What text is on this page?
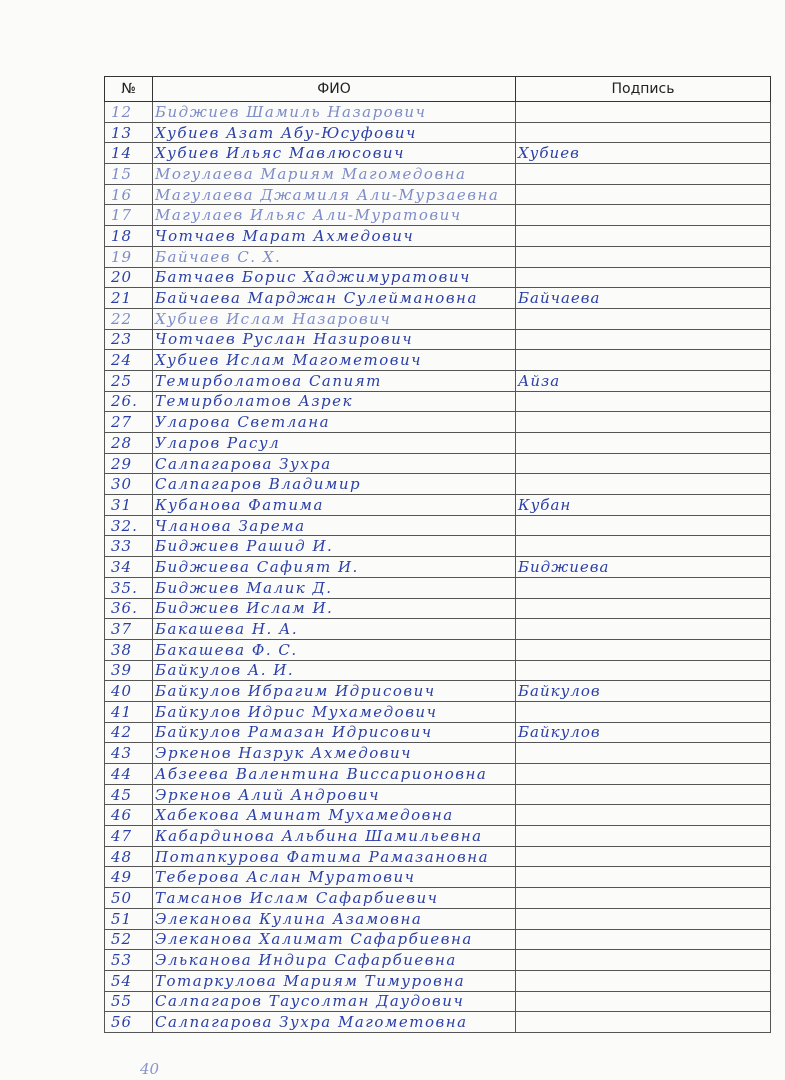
№	ФИО	Подпись
12	Биджиев Шамиль Назарович	
13	Хубиев Азат Абу-Юсуфович	
14	Хубиев Ильяс Мавлюсович	Хубиев
15	Могулаева Мариям Магомедовна	
16	Магулаева Джамиля Али-Мурзаевна	
17	Магулаев Ильяс Али-Муратович	
18	Чотчаев Марат Ахмедович	
19	Байчаев С. Х.	
20	Батчаев Борис Хаджимуратович	
21	Байчаева Марджан Сулеймановна	Байчаева
22	Хубиев Ислам Назарович	
23	Чотчаев Руслан Назирович	
24	Хубиев Ислам Магометович	
25	Темирболатова Сапият	Айза
26.	Темирболатов Азрек	
27	Уларова Светлана	
28	Уларов Расул	
29	Салпагарова Зухра	
30	Салпагаров Владимир	
31	Кубанова Фатима	Кубан
32.	Чланова Зарема	
33	Биджиев Рашид И.	
34	Биджиева Сафият И.	Биджиева
35.	Биджиев Малик Д.	
36.	Биджиев Ислам И.	
37	Бакашева Н. А.	
38	Бакашева Ф. С.	
39	Байкулов А. И.	
40	Байкулов Ибрагим Идрисович	Байкулов
41	Байкулов Идрис Мухамедович	
42	Байкулов Рамазан Идрисович	Байкулов
43	Эркенов Назрук Ахмедович	
44	Абзеева Валентина Виссарионовна	
45	Эркенов Алий Андрович	
46	Хабекова Аминат Мухамедовна	
47	Кабардинова Альбина Шамильевна	
48	Потапкурова Фатима Рамазановна	
49	Теберова Аслан Муратович	
50	Тамсанов Ислам Сафарбиевич	
51	Элеканова Кулина Азамовна	
52	Элеканова Халимат Сафарбиевна	
53	Эльканова Индира Сафарбиевна	
54	Тотаркулова Мариям Тимуровна	
55	Салпагаров Таусолтан Даудович	
56	Салпагарова Зухра Магометовна	
40
